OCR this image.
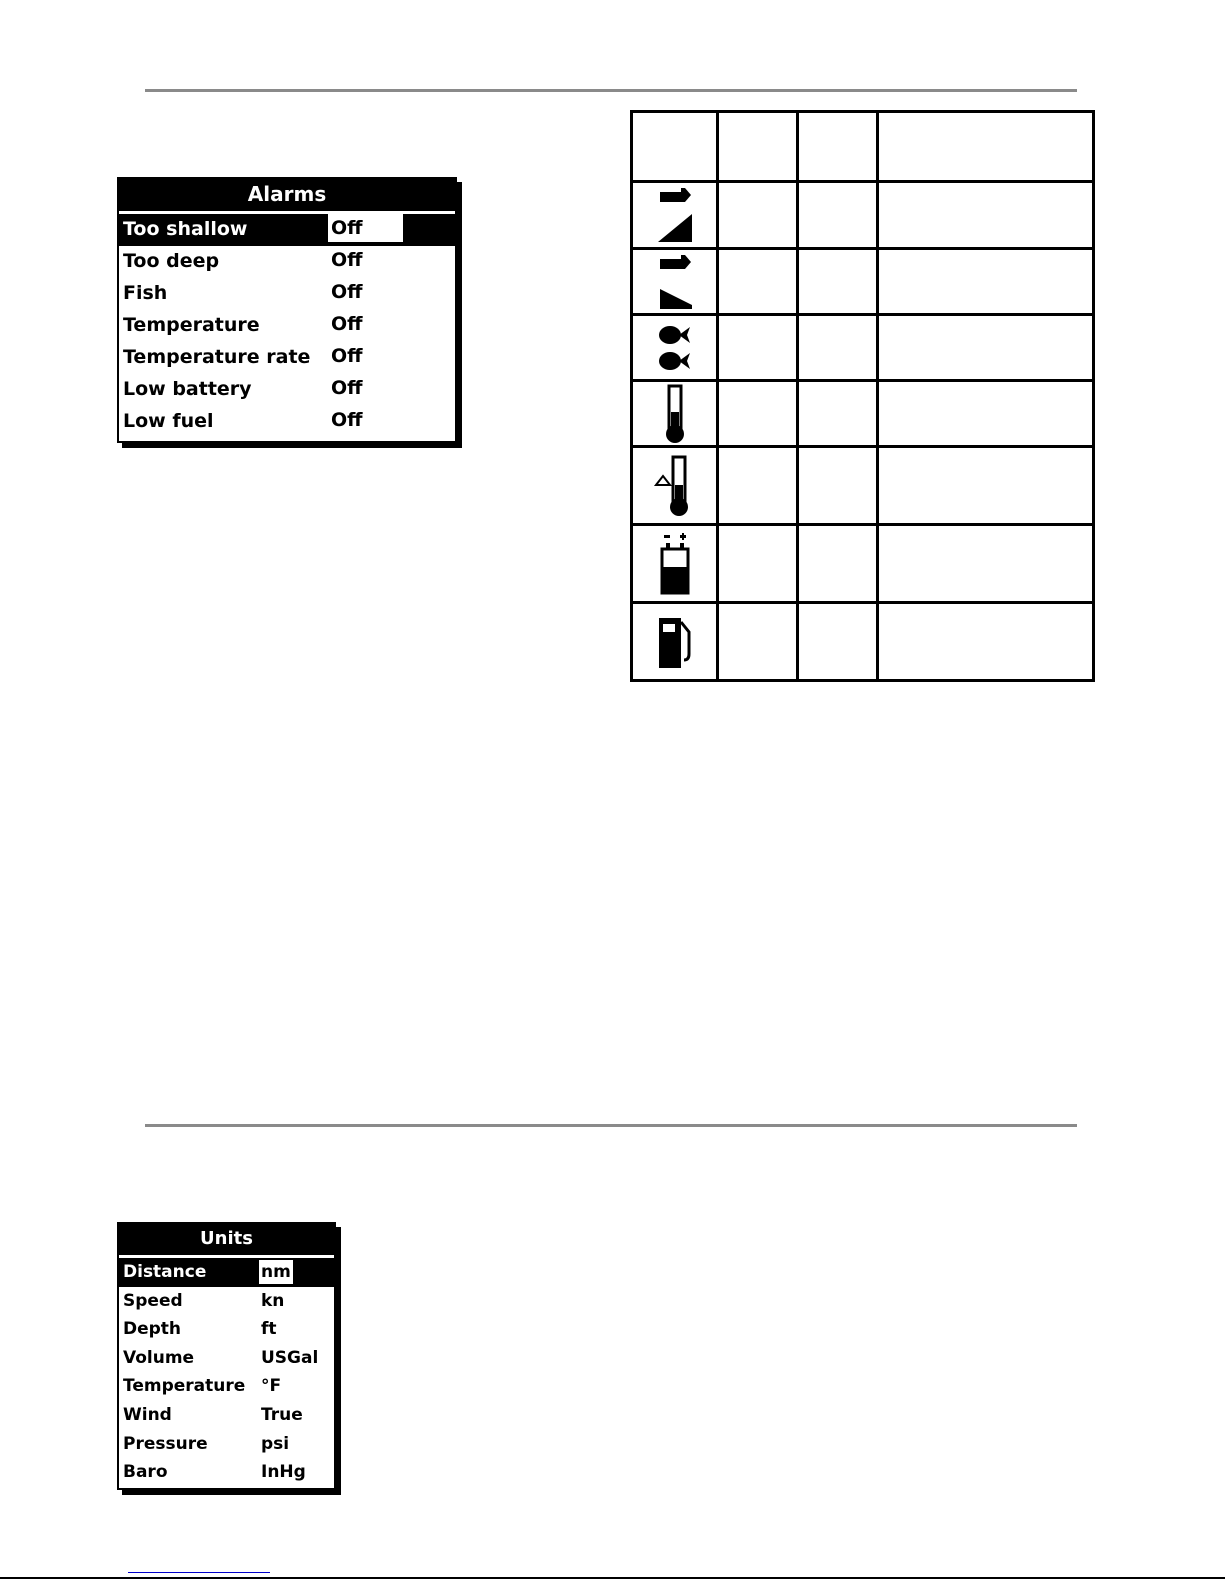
Alarms
Too shallow	Off
Too deep	Off
Fish	Off
Temperature	Off
Temperature rate Off
Low battery	Off
Low fuel	Off

Units
Distance	nm
Speed	kn
Depth	ft
Volume	USGal
Temperature °F
Wind	True
Pressure	psi
Baro	InHg
